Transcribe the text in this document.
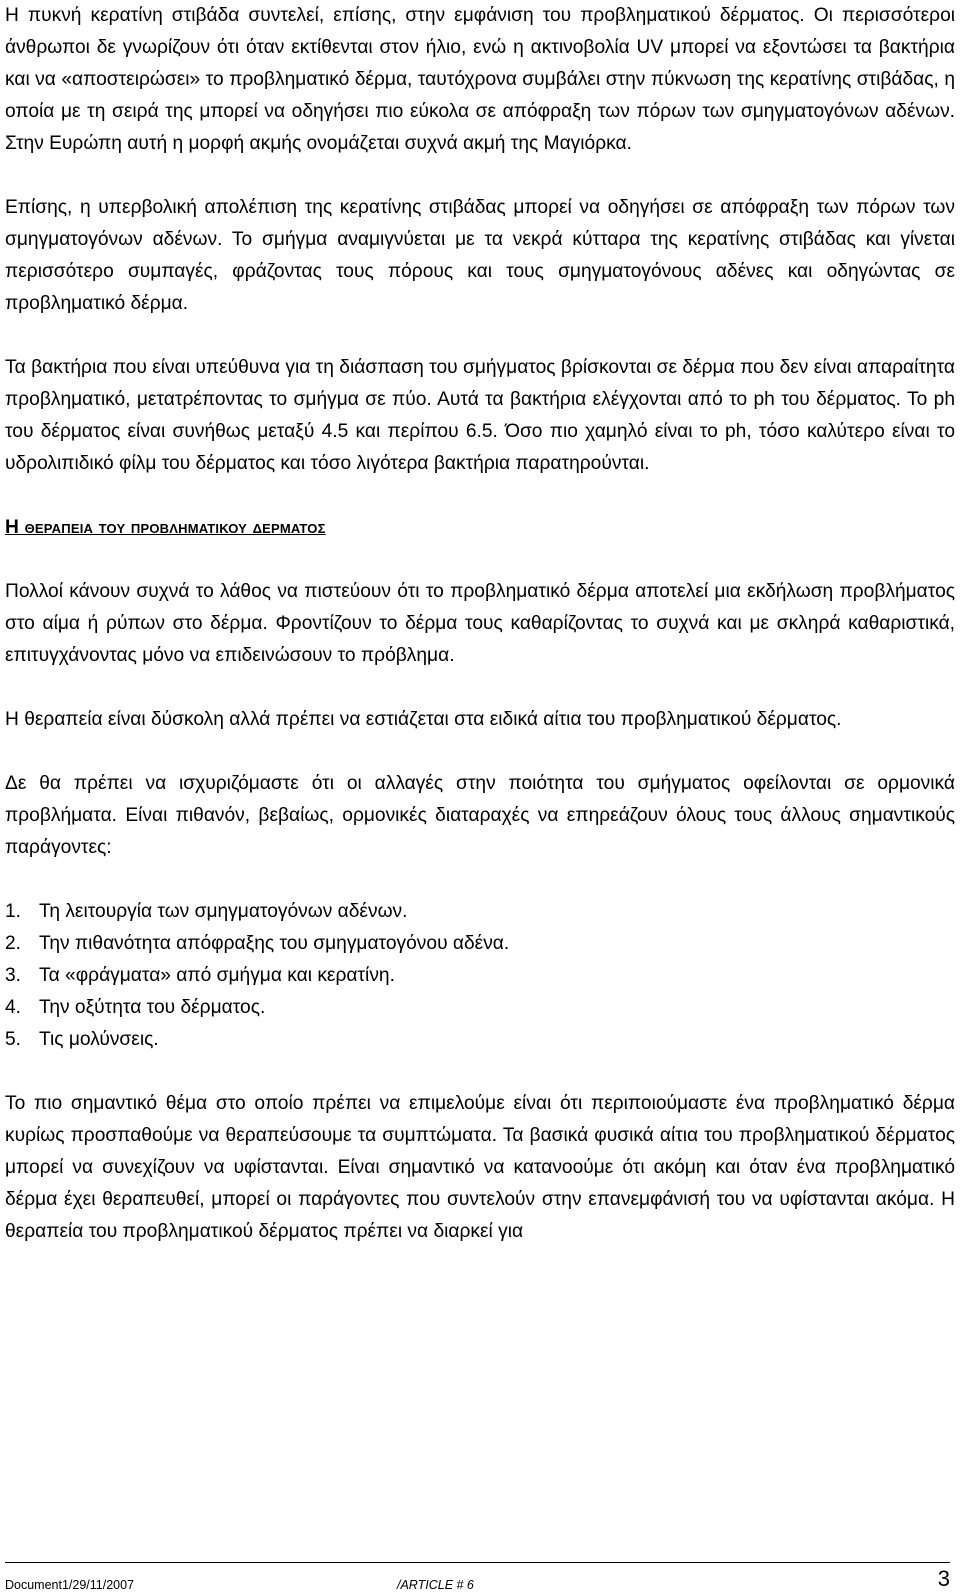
Η πυκνή κερατίνη στιβάδα συντελεί, επίσης, στην εμφάνιση του προβληματικού δέρματος. Οι περισσότεροι άνθρωποι δε γνωρίζουν ότι όταν εκτίθενται στον ήλιο, ενώ η ακτινοβολία UV μπορεί να εξοντώσει τα βακτήρια και να «αποστειρώσει» το προβληματικό δέρμα, ταυτόχρονα συμβάλει στην πύκνωση της κερατίνης στιβάδας, η οποία με τη σειρά της μπορεί να οδηγήσει πιο εύκολα σε απόφραξη των πόρων των σμηγματογόνων αδένων. Στην Ευρώπη αυτή η μορφή ακμής ονομάζεται συχνά ακμή της Μαγιόρκα.

Επίσης, η υπερβολική απολέπιση της κερατίνης στιβάδας μπορεί να οδηγήσει σε απόφραξη των πόρων των σμηγματογόνων αδένων. Το σμήγμα αναμιγνύεται με τα νεκρά κύτταρα της κερατίνης στιβάδας και γίνεται περισσότερο συμπαγές, φράζοντας τους πόρους και τους σμηγματογόνους αδένες και οδηγώντας σε προβληματικό δέρμα.

Τα βακτήρια που είναι υπεύθυνα για τη διάσπαση του σμήγματος βρίσκονται σε δέρμα που δεν είναι απαραίτητα προβληματικό, μετατρέποντας το σμήγμα σε πύο. Αυτά τα βακτήρια ελέγχονται από το ph του δέρματος. Το ph του δέρματος είναι συνήθως μεταξύ 4.5 και περίπου 6.5. Όσο πιο χαμηλό είναι το ph, τόσο καλύτερο είναι το υδρολιπιδικό φίλμ του δέρματος και τόσο λιγότερα βακτήρια παρατηρούνται.

Η θεραπεια του προβληματικου δερματος

Πολλοί κάνουν συχνά το λάθος να πιστεύουν ότι το προβληματικό δέρμα αποτελεί μια εκδήλωση προβλήματος στο αίμα ή ρύπων στο δέρμα. Φροντίζουν το δέρμα τους καθαρίζοντας το συχνά και με σκληρά καθαριστικά, επιτυγχάνοντας μόνο να επιδεινώσουν το πρόβλημα.

Η θεραπεία είναι δύσκολη αλλά πρέπει να εστιάζεται στα ειδικά αίτια του προβληματικού δέρματος.

Δε θα πρέπει να ισχυριζόμαστε ότι οι αλλαγές στην ποιότητα του σμήγματος οφείλονται σε ορμονικά προβλήματα. Είναι πιθανόν, βεβαίως, ορμονικές διαταραχές να επηρεάζουν όλους τους άλλους σημαντικούς παράγοντες:

1. Τη λειτουργία των σμηγματογόνων αδένων.
2. Την πιθανότητα απόφραξης του σμηγματογόνου αδένα.
3. Τα «φράγματα» από σμήγμα και κερατίνη.
4. Την οξύτητα του δέρματος.
5. Τις μολύνσεις.

Το πιο σημαντικό θέμα στο οποίο πρέπει να επιμελούμε είναι ότι περιποιούμαστε ένα προβληματικό δέρμα κυρίως προσπαθούμε να θεραπεύσουμε τα συμπτώματα. Τα βασικά φυσικά αίτια του προβληματικού δέρματος μπορεί να συνεχίζουν να υφίστανται. Είναι σημαντικό να κατανοούμε ότι ακόμη και όταν ένα προβληματικό δέρμα έχει θεραπευθεί, μπορεί οι παράγοντες που συντελούν στην επανεμφάνισή του να υφίστανται ακόμα. Η θεραπεία του προβληματικού δέρματος πρέπει να διαρκεί για

Document1/29/11/2007	/ARTICLE # 6	3
